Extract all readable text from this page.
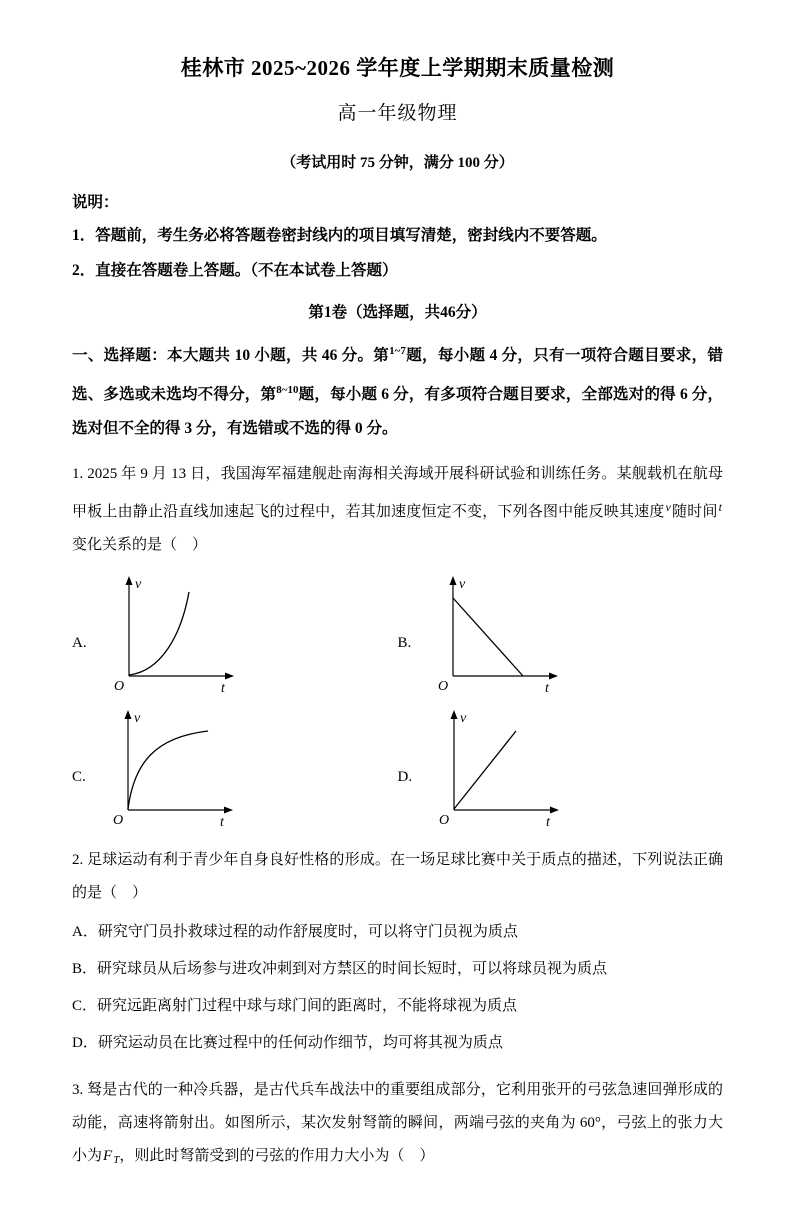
桂林市 2025~2026 学年度上学期期末质量检测
高一年级物理
（考试用时 75 分钟，满分 100 分）
说明：
1．答题前，考生务必将答题卷密封线内的项目填写清楚，密封线内不要答题。
2．直接在答题卷上答题。（不在本试卷上答题）
第1卷（选择题，共46分）
一、选择题：本大题共 10 小题，共 46 分。第$^{1\sim 7}$题，每小题 4 分，只有一项符合题目要求，错选、多选或未选均不得分，第$^{8\sim 10}$题，每小题 6 分，有多项符合题目要求，全部选对的得 6 分，选对但不全的得 3 分，有选错或不选的得 0 分。
1. 2025 年 9 月 13 日，我国海军福建舰赴南海相关海域开展科研试验和训练任务。某舰载机在航母甲板上由静止沿直线加速起飞的过程中，若其加速度恒定不变，下列各图中能反映其速度$^v$随时间$^t$变化关系的是（　）
A.
v
t
O
B.
v
t
O
C.
v
t
O
D.
v
t
O
2. 足球运动有利于青少年自身良好性格的形成。在一场足球比赛中关于质点的描述，下列说法正确的是（　）
A．研究守门员扑救球过程的动作舒展度时，可以将守门员视为质点
B．研究球员从后场参与进攻冲刺到对方禁区的时间长短时，可以将球员视为质点
C．研究远距离射门过程中球与球门间的距离时，不能将球视为质点
D．研究运动员在比赛过程中的任何动作细节，均可将其视为质点
3. 驽是古代的一种冷兵器，是古代兵车战法中的重要组成部分，它利用张开的弓弦急速回弹形成的动能，高速将箭射出。如图所示，某次发射弩箭的瞬间，两端弓弦的夹角为 60°，弓弦上的张力大小为$F_T$，则此时弩箭受到的弓弦的作用力大小为（　）
